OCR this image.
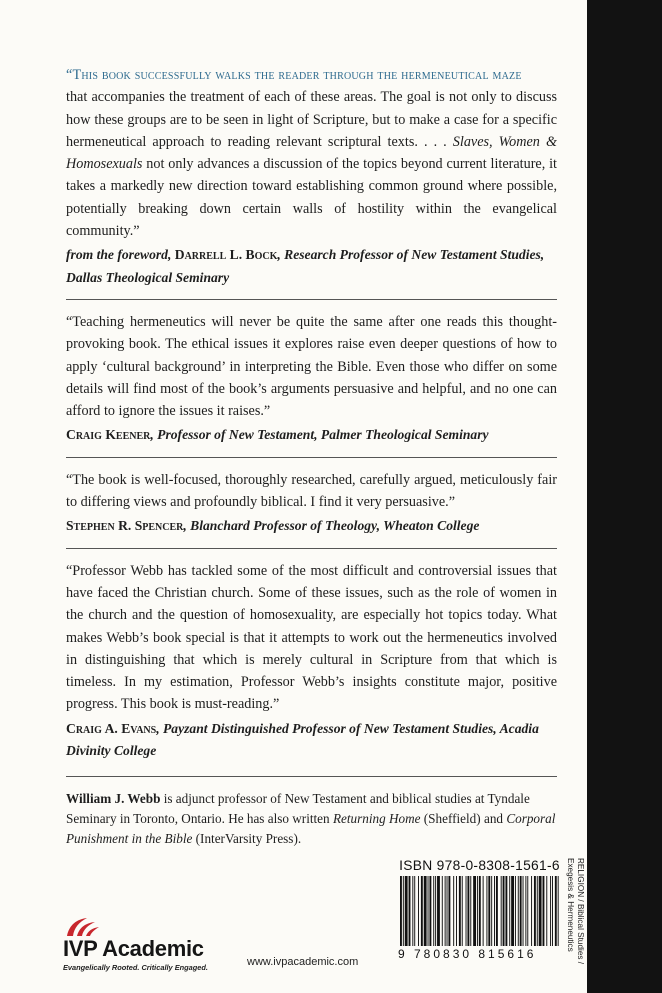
“This book successfully walks the reader through the hermeneutical maze
that accompanies the treatment of each of these areas. The goal is not only to discuss how these groups are to be seen in light of Scripture, but to make a case for a specific hermeneutical approach to reading relevant scriptural texts. . . . Slaves, Women & Homosexuals not only advances a discussion of the topics beyond current literature, it takes a markedly new direction toward establishing common ground where possible, potentially breaking down certain walls of hostility within the evangelical community.”

from the foreword, Darrell L. Bock, Research Professor of New Testament Studies, Dallas Theological Seminary

“Teaching hermeneutics will never be quite the same after one reads this thought-provoking book. The ethical issues it explores raise even deeper questions of how to apply ‘cultural background’ in interpreting the Bible. Even those who differ on some details will find most of the book’s arguments persuasive and helpful, and no one can afford to ignore the issues it raises.”

Craig Keener, Professor of New Testament, Palmer Theological Seminary

“The book is well-focused, thoroughly researched, carefully argued, meticulously fair to differing views and profoundly biblical. I find it very persuasive.”

Stephen R. Spencer, Blanchard Professor of Theology, Wheaton College

“Professor Webb has tackled some of the most difficult and controversial issues that have faced the Christian church. Some of these issues, such as the role of women in the church and the question of homosexuality, are especially hot topics today. What makes Webb’s book special is that it attempts to work out the hermeneutics involved in distinguishing that which is merely cultural in Scripture from that which is timeless. In my estimation, Professor Webb’s insights constitute major, positive progress. This book is must-reading.”

Craig A. Evans, Payzant Distinguished Professor of New Testament Studies, Acadia Divinity College

William J. Webb is adjunct professor of New Testament and biblical studies at Tyndale Seminary in Toronto, Ontario. He has also written Returning Home (Sheffield) and Corporal Punishment in the Bible (InterVarsity Press).

IVP Academic
Evangelically Rooted. Critically Engaged.	www.ivpacademic.com
ISBN 978-0-8308-1561-6
9 780830 815616
RELIGION / Biblical Studies /
Exegesis & Hermeneutics
